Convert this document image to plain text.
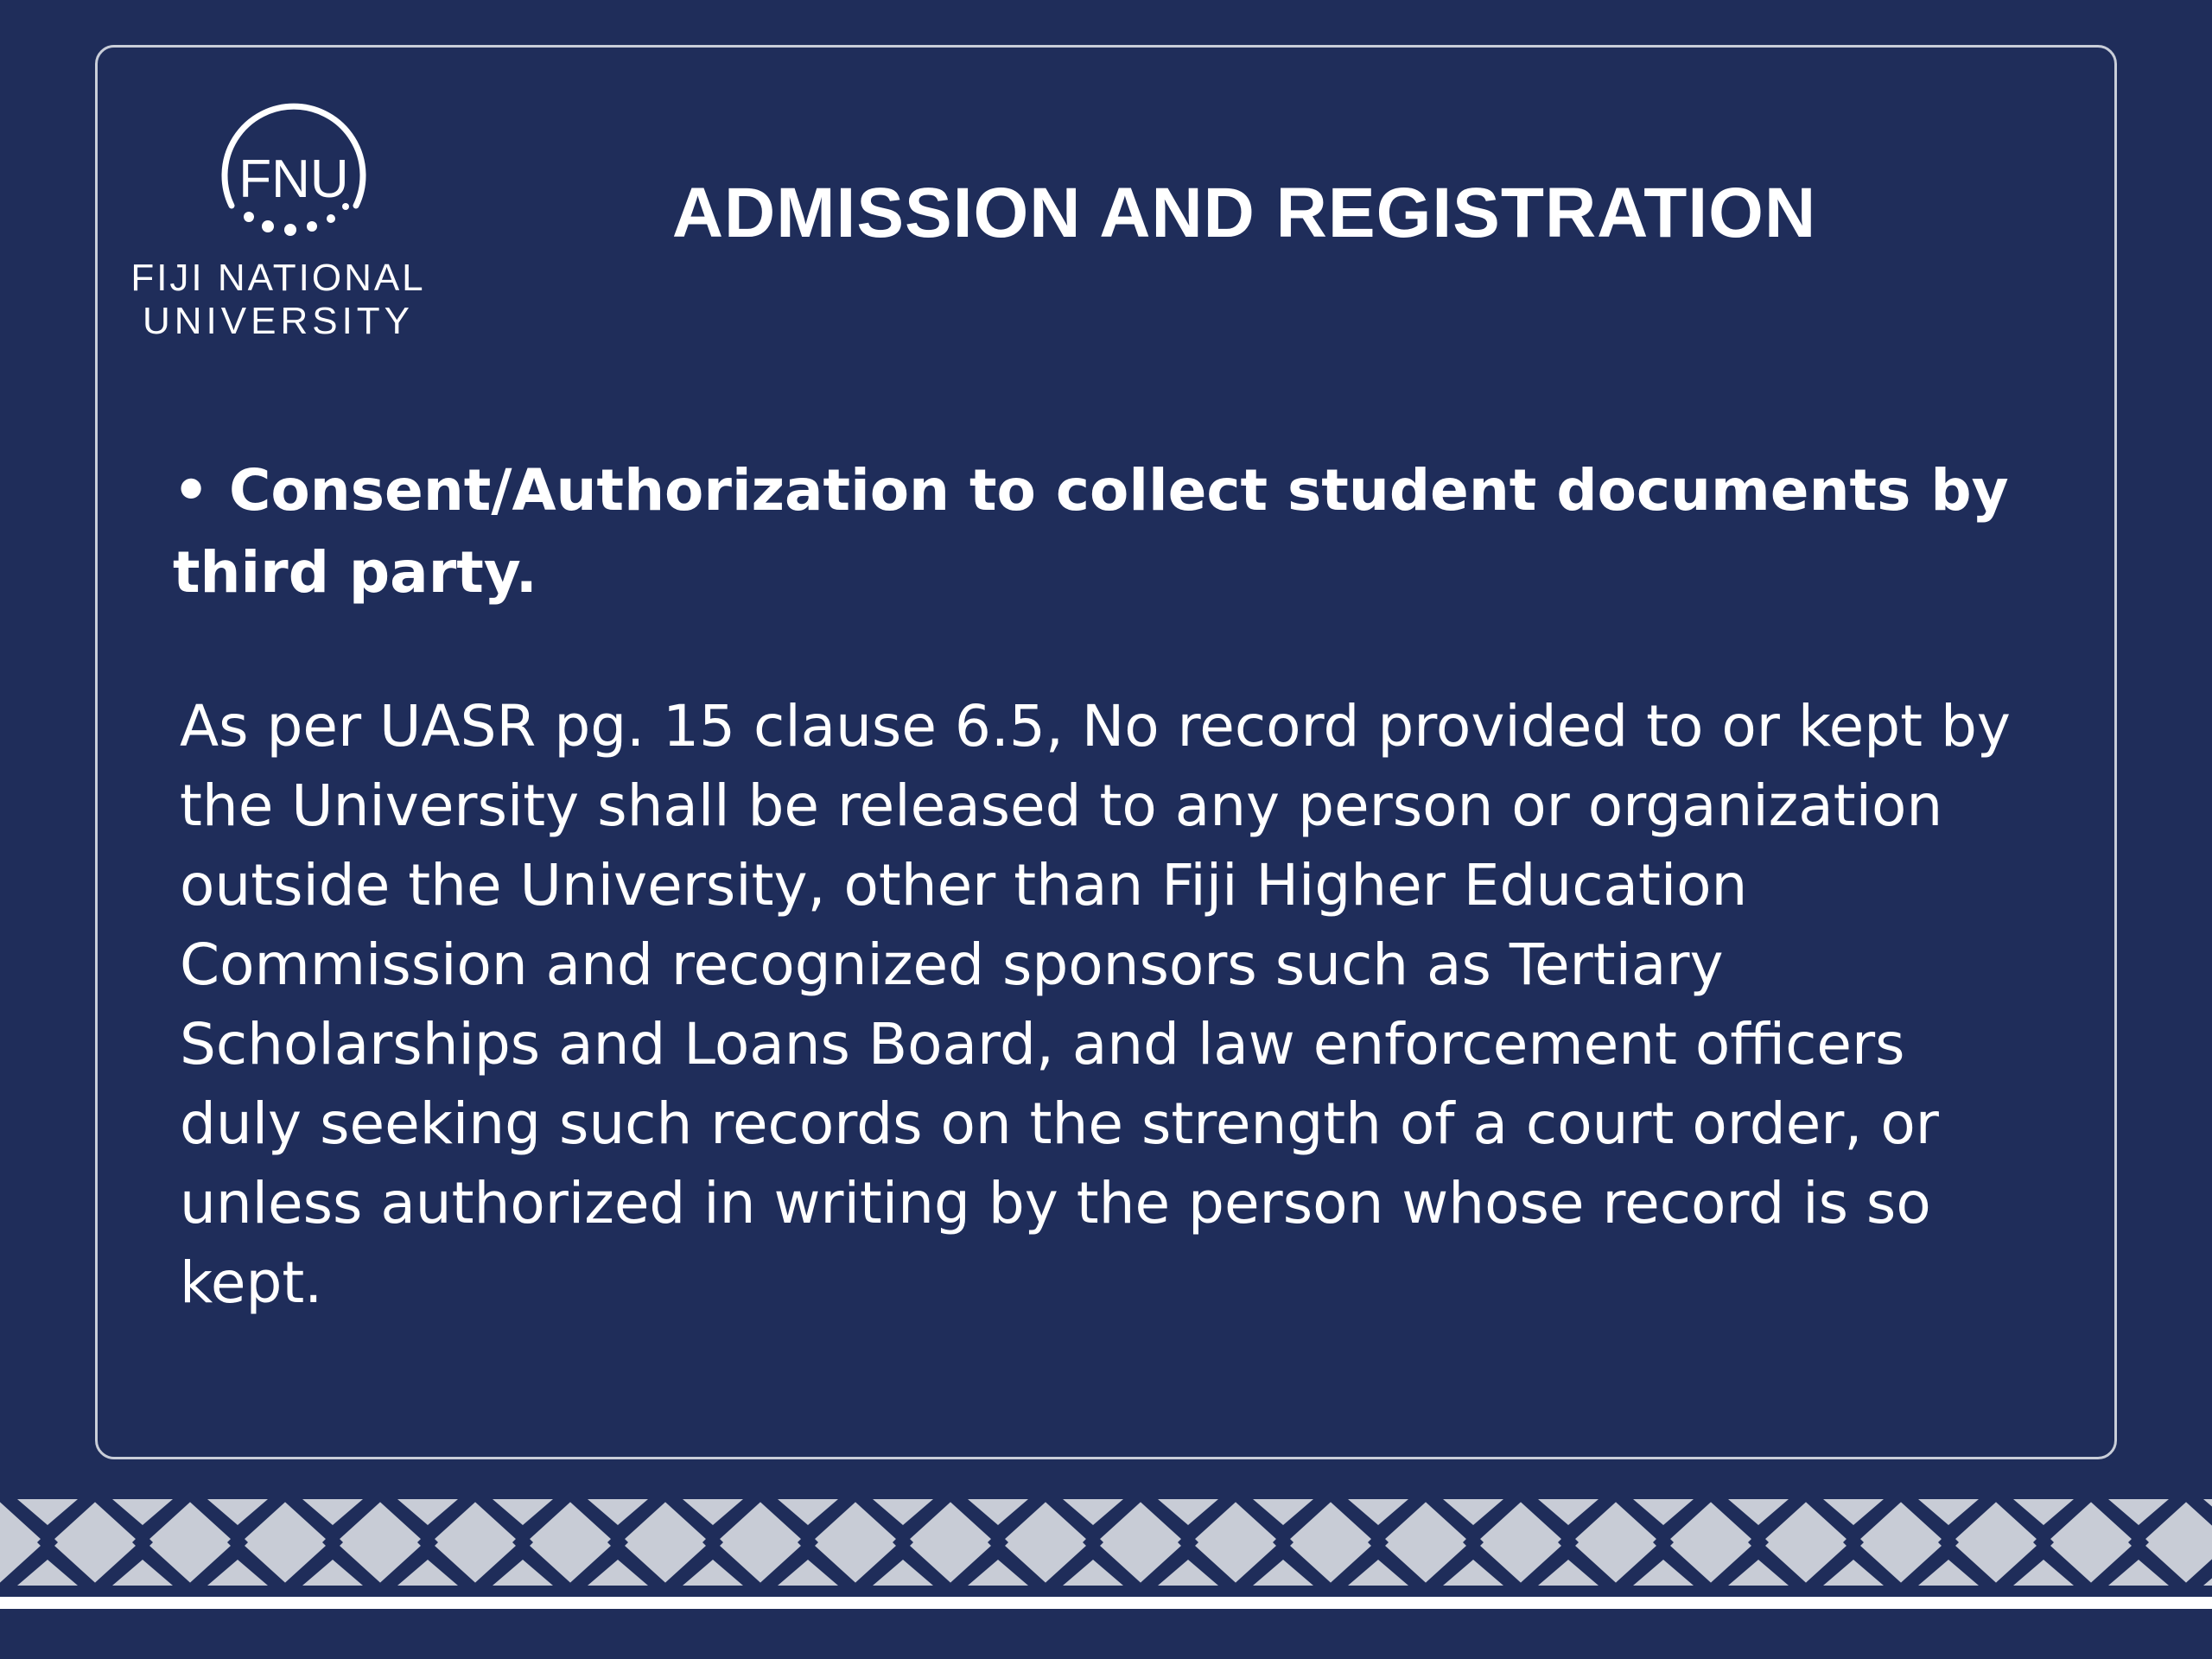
FNU
FIJI NATIONAL
UNIVERSITY
ADMISSION AND REGISTRATION
• Consent/Authorization to collect student documents by third party.
As per UASR pg. 15 clause 6.5, No record provided to or kept by the University shall be released to any person or organization outside the University, other than Fiji Higher Education Commission and recognized sponsors such as Tertiary Scholarships and Loans Board, and law enforcement officers duly seeking such records on the strength of a court order, or unless authorized in writing by the person whose record is so kept.
